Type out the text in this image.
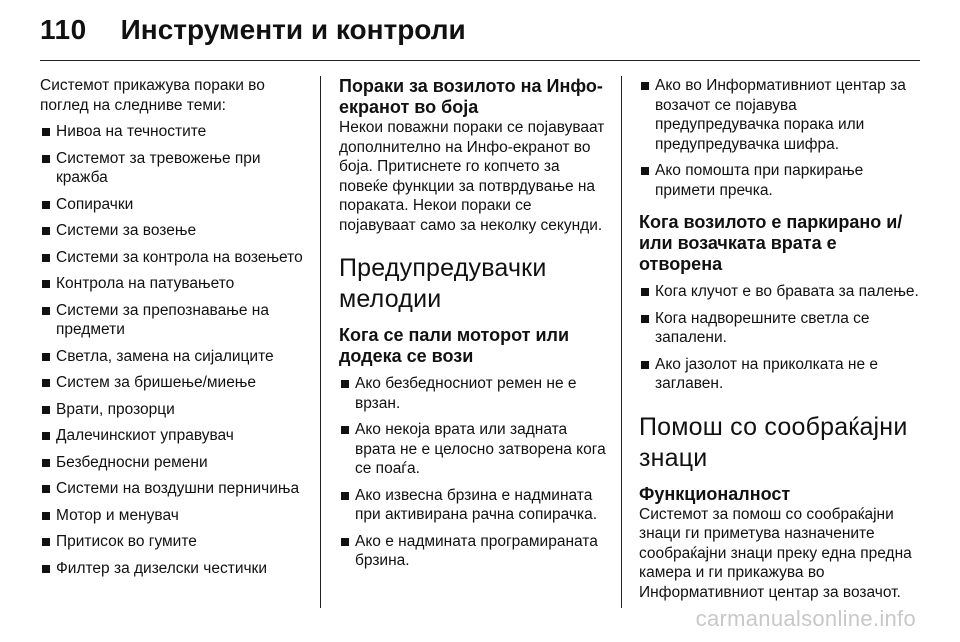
110 Инструменти и контроли

Системот прикажува пораки во поглед на следниве теми:

Нивоа на течностите
Системот за тревожење при кражба
Сопирачки
Системи за возење
Системи за контрола на возењето
Контрола на патувањето
Системи за препознавање на предмети
Светла, замена на сијалиците
Систем за бришење/миење
Врати, прозорци
Далечинскиот управувач
Безбедносни ремени
Системи на воздушни перничиња
Мотор и менувач
Притисок во гумите
Филтер за дизелски честички

Пораки за возилото на Инфо-екранот во боја

Некои поважни пораки се појавуваат дополнително на Инфо-екранот во боја. Притиснете го копчето за повеќе функции за потврдување на пораката. Некои пораки се појавуваат само за неколку секунди.

Предупредувачки мелодии

Кога се пали моторот или додека се вози

Ако безбедносниот ремен не е врзан.
Ако некоја врата или задната врата не е целосно затворена кога се поаѓа.
Ако извесна брзина е надмината при активирана рачна сопирачка.
Ако е надмината програмираната брзина.
Ако во Информативниот центар за возачот се појавува предупредувачка порака или предупредувачка шифра.
Ако помошта при паркирање примети пречка.

Кога возилото е паркирано и/или возачката врата е отворена

Кога клучот е во бравата за палење.
Кога надворешните светла се запалени.
Ако јазолот на приколката не е заглавен.

Помош со сообраќајни знаци

Функционалност

Системот за помош со сообраќајни знаци ги приметува назначените сообраќајни знаци преку една предна камера и ги прикажува во Информативниот центар за возачот.

carmanualsonline.info
